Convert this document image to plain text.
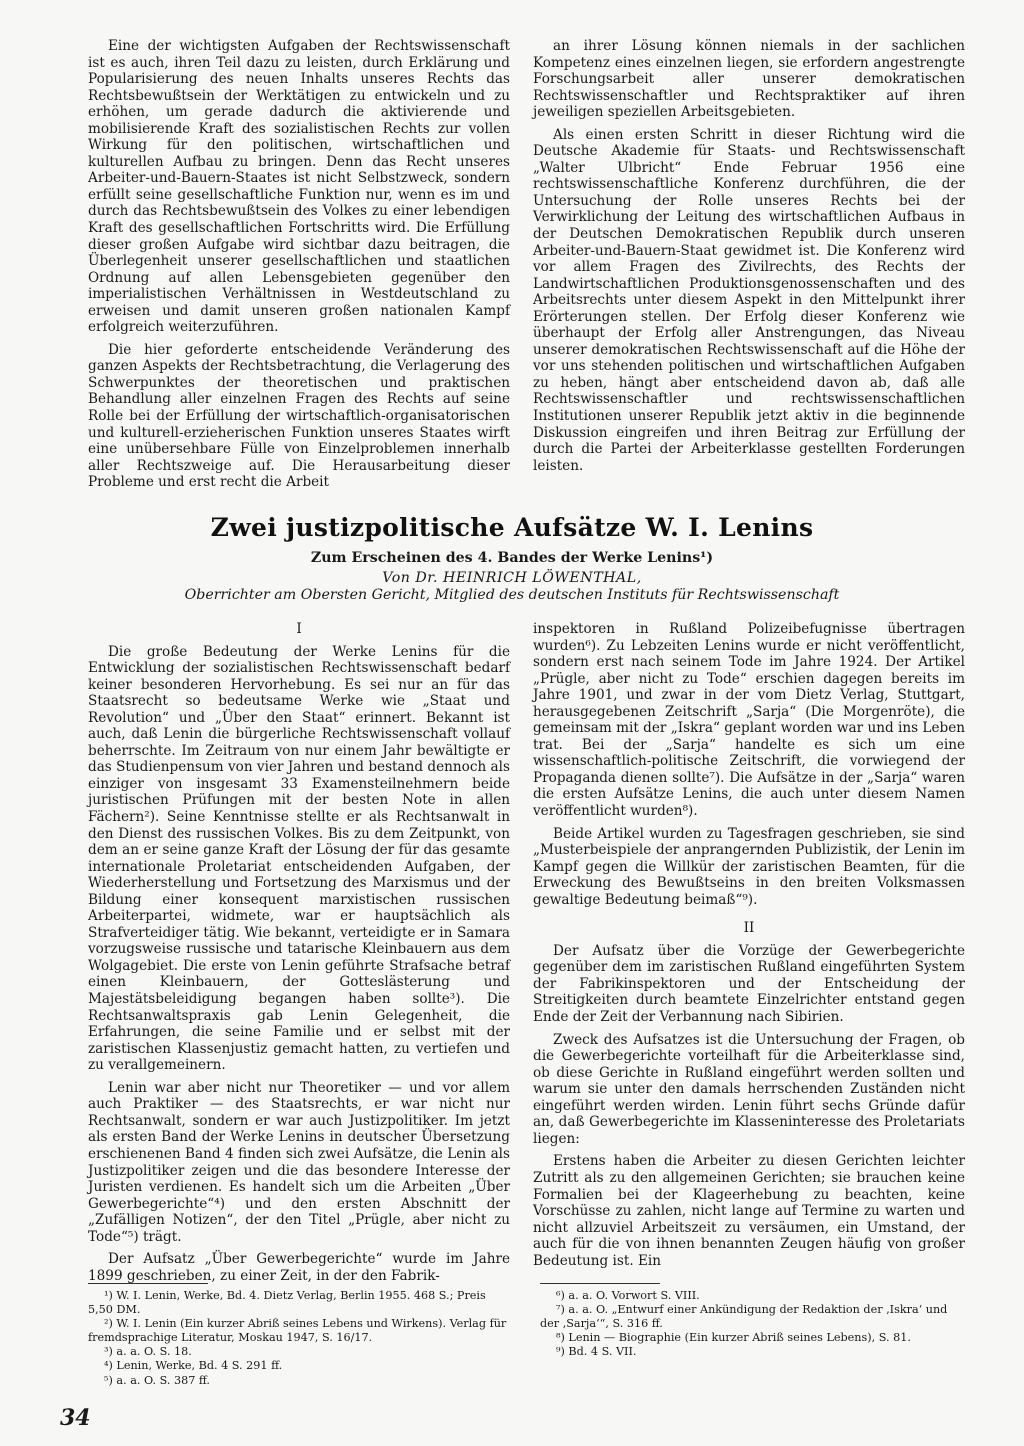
Eine der wichtigsten Aufgaben der Rechtswissenschaft ist es auch, ihren Teil dazu zu leisten, durch Erklärung und Popularisierung des neuen Inhalts unseres Rechts das Rechtsbewußtsein der Werktätigen zu entwickeln und zu erhöhen, um gerade dadurch die aktivierende und mobilisierende Kraft des sozialistischen Rechts zur vollen Wirkung für den politischen, wirtschaftlichen und kulturellen Aufbau zu bringen. Denn das Recht unseres Arbeiter-und-Bauern-Staates ist nicht Selbstzweck, sondern erfüllt seine gesellschaftliche Funktion nur, wenn es im und durch das Rechtsbewußtsein des Volkes zu einer lebendigen Kraft des gesellschaftlichen Fortschritts wird. Die Erfüllung dieser großen Aufgabe wird sichtbar dazu beitragen, die Überlegenheit unserer gesellschaftlichen und staatlichen Ordnung auf allen Lebensgebieten gegenüber den imperialistischen Verhältnissen in Westdeutschland zu erweisen und damit unseren großen nationalen Kampf erfolgreich weiterzuführen.

Die hier geforderte entscheidende Veränderung des ganzen Aspekts der Rechtsbetrachtung, die Verlagerung des Schwerpunktes der theoretischen und praktischen Behandlung aller einzelnen Fragen des Rechts auf seine Rolle bei der Erfüllung der wirtschaftlich-organisatorischen und kulturell-erzieherischen Funktion unseres Staates wirft eine unübersehbare Fülle von Einzelproblemen innerhalb aller Rechtszweige auf. Die Herausarbeitung dieser Probleme und erst recht die Arbeit

an ihrer Lösung können niemals in der sachlichen Kompetenz eines einzelnen liegen, sie erfordern angestrengte Forschungsarbeit aller unserer demokratischen Rechtswissenschaftler und Rechtspraktiker auf ihren jeweiligen speziellen Arbeitsgebieten.

Als einen ersten Schritt in dieser Richtung wird die Deutsche Akademie für Staats- und Rechtswissenschaft „Walter Ulbricht“ Ende Februar 1956 eine rechtswissenschaftliche Konferenz durchführen, die der Untersuchung der Rolle unseres Rechts bei der Verwirklichung der Leitung des wirtschaftlichen Aufbaus in der Deutschen Demokratischen Republik durch unseren Arbeiter-und-Bauern-Staat gewidmet ist. Die Konferenz wird vor allem Fragen des Zivilrechts, des Rechts der Landwirtschaftlichen Produktionsgenossenschaften und des Arbeitsrechts unter diesem Aspekt in den Mittelpunkt ihrer Erörterungen stellen. Der Erfolg dieser Konferenz wie überhaupt der Erfolg aller Anstrengungen, das Niveau unserer demokratischen Rechtswissenschaft auf die Höhe der vor uns stehenden politischen und wirtschaftlichen Aufgaben zu heben, hängt aber entscheidend davon ab, daß alle Rechtswissenschaftler und rechtswissenschaftlichen Institutionen unserer Republik jetzt aktiv in die beginnende Diskussion eingreifen und ihren Beitrag zur Erfüllung der durch die Partei der Arbeiterklasse gestellten Forderungen leisten.

Zwei justizpolitische Aufsätze W. I. Lenins
Zum Erscheinen des 4. Bandes der Werke Lenins¹)
Von Dr. HEINRICH LÖWENTHAL,
Oberrichter am Obersten Gericht, Mitglied des deutschen Instituts für Rechtswissenschaft

I

Die große Bedeutung der Werke Lenins für die Entwicklung der sozialistischen Rechtswissenschaft bedarf keiner besonderen Hervorhebung. Es sei nur an für das Staatsrecht so bedeutsame Werke wie „Staat und Revolution“ und „Über den Staat“ erinnert. Bekannt ist auch, daß Lenin die bürgerliche Rechtswissenschaft vollauf beherrschte. Im Zeitraum von nur einem Jahr bewältigte er das Studienpensum von vier Jahren und bestand dennoch als einziger von insgesamt 33 Examensteilnehmern beide juristischen Prüfungen mit der besten Note in allen Fächern²). Seine Kenntnisse stellte er als Rechtsanwalt in den Dienst des russischen Volkes. Bis zu dem Zeitpunkt, von dem an er seine ganze Kraft der Lösung der für das gesamte internationale Proletariat entscheidenden Aufgaben, der Wiederherstellung und Fortsetzung des Marxismus und der Bildung einer konsequent marxistischen russischen Arbeiterpartei, widmete, war er hauptsächlich als Strafverteidiger tätig. Wie bekannt, verteidigte er in Samara vorzugsweise russische und tatarische Kleinbauern aus dem Wolgagebiet. Die erste von Lenin geführte Strafsache betraf einen Kleinbauern, der Gotteslästerung und Majestätsbeleidigung begangen haben sollte³). Die Rechtsanwaltspraxis gab Lenin Gelegenheit, die Erfahrungen, die seine Familie und er selbst mit der zaristischen Klassenjustiz gemacht hatten, zu vertiefen und zu verallgemeinern.

Lenin war aber nicht nur Theoretiker — und vor allem auch Praktiker — des Staatsrechts, er war nicht nur Rechtsanwalt, sondern er war auch Justizpolitiker. Im jetzt als ersten Band der Werke Lenins in deutscher Übersetzung erschienenen Band 4 finden sich zwei Aufsätze, die Lenin als Justizpolitiker zeigen und die das besondere Interesse der Juristen verdienen. Es handelt sich um die Arbeiten „Über Gewerbegerichte“⁴) und den ersten Abschnitt der „Zufälligen Notizen“, der den Titel „Prügle, aber nicht zu Tode“⁵) trägt.

Der Aufsatz „Über Gewerbegerichte“ wurde im Jahre 1899 geschrieben, zu einer Zeit, in der den Fabrik-

inspektoren in Rußland Polizeibefugnisse übertragen wurden⁶). Zu Lebzeiten Lenins wurde er nicht veröffentlicht, sondern erst nach seinem Tode im Jahre 1924. Der Artikel „Prügle, aber nicht zu Tode“ erschien dagegen bereits im Jahre 1901, und zwar in der vom Dietz Verlag, Stuttgart, herausgegebenen Zeitschrift „Sarja“ (Die Morgenröte), die gemeinsam mit der „Iskra“ geplant worden war und ins Leben trat. Bei der „Sarja“ handelte es sich um eine wissenschaftlich-politische Zeitschrift, die vorwiegend der Propaganda dienen sollte⁷). Die Aufsätze in der „Sarja“ waren die ersten Aufsätze Lenins, die auch unter diesem Namen veröffentlicht wurden⁸).

Beide Artikel wurden zu Tagesfragen geschrieben, sie sind „Musterbeispiele der anprangernden Publizistik, der Lenin im Kampf gegen die Willkür der zaristischen Beamten, für die Erweckung des Bewußtseins in den breiten Volksmassen gewaltige Bedeutung beimaß“⁹).

II

Der Aufsatz über die Vorzüge der Gewerbegerichte gegenüber dem im zaristischen Rußland eingeführten System der Fabrikinspektoren und der Entscheidung der Streitigkeiten durch beamtete Einzelrichter entstand gegen Ende der Zeit der Verbannung nach Sibirien.

Zweck des Aufsatzes ist die Untersuchung der Fragen, ob die Gewerbegerichte vorteilhaft für die Arbeiterklasse sind, ob diese Gerichte in Rußland eingeführt werden sollten und warum sie unter den damals herrschenden Zuständen nicht eingeführt werden wirden. Lenin führt sechs Gründe dafür an, daß Gewerbegerichte im Klasseninteresse des Proletariats liegen:

Erstens haben die Arbeiter zu diesen Gerichten leichter Zutritt als zu den allgemeinen Gerichten; sie brauchen keine Formalien bei der Klageerhebung zu beachten, keine Vorschüsse zu zahlen, nicht lange auf Termine zu warten und nicht allzuviel Arbeitszeit zu versäumen, ein Umstand, der auch für die von ihnen benannten Zeugen häufig von großer Bedeutung ist. Ein

¹) W. I. Lenin, Werke, Bd. 4. Dietz Verlag, Berlin 1955. 468 S.; Preis 5,50 DM.
²) W. I. Lenin (Ein kurzer Abriß seines Lebens und Wirkens). Verlag für fremdsprachige Literatur, Moskau 1947, S. 16/17.
³) a. a. O. S. 18.
⁴) Lenin, Werke, Bd. 4 S. 291 ff.
⁵) a. a. O. S. 387 ff.
⁶) a. a. O. Vorwort S. VIII.
⁷) a. a. O. „Entwurf einer Ankündigung der Redaktion der ‚Iskra‘ und der ‚Sarja‘“, S. 316 ff.
⁸) Lenin — Biographie (Ein kurzer Abriß seines Lebens), S. 81.
⁹) Bd. 4 S. VII.
34
